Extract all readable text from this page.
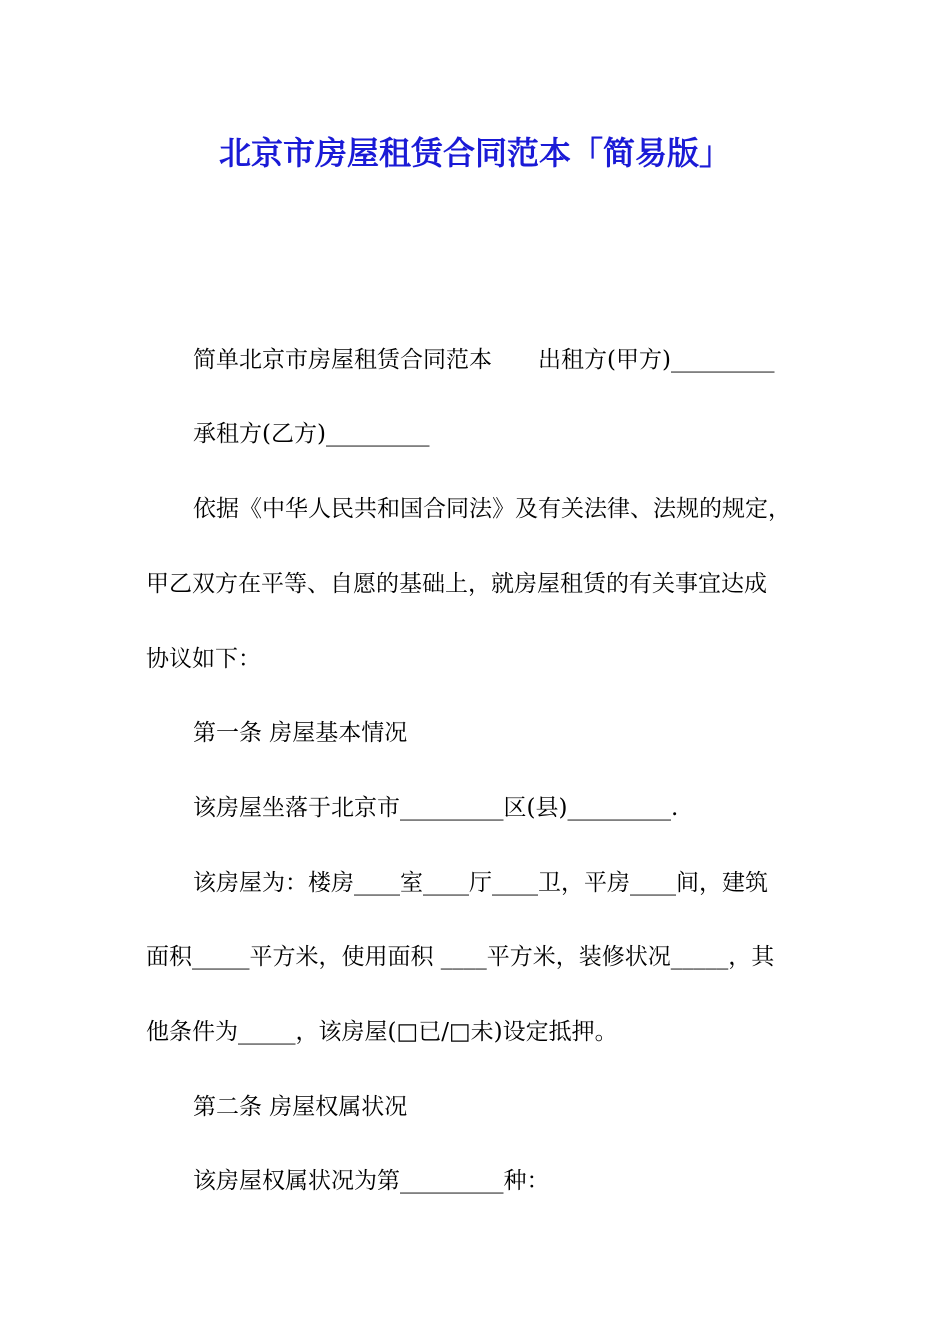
北京市房屋租赁合同范本「简易版」
简单北京市房屋租赁合同范本　　出租方(甲方)_________
承租方(乙方)_________
依据《中华人民共和国合同法》及有关法律、法规的规定，
甲乙双方在平等、自愿的基础上，就房屋租赁的有关事宜达成
协议如下：
第一条 房屋基本情况
该房屋坐落于北京市_________区(县)_________.
该房屋为：楼房____室____厅____卫，平房____间，建筑
面积_____平方米，使用面积 ____平方米，装修状况_____，其
他条件为_____，该房屋(□已/□未)设定抵押。
第二条 房屋权属状况
该房屋权属状况为第_________种：
